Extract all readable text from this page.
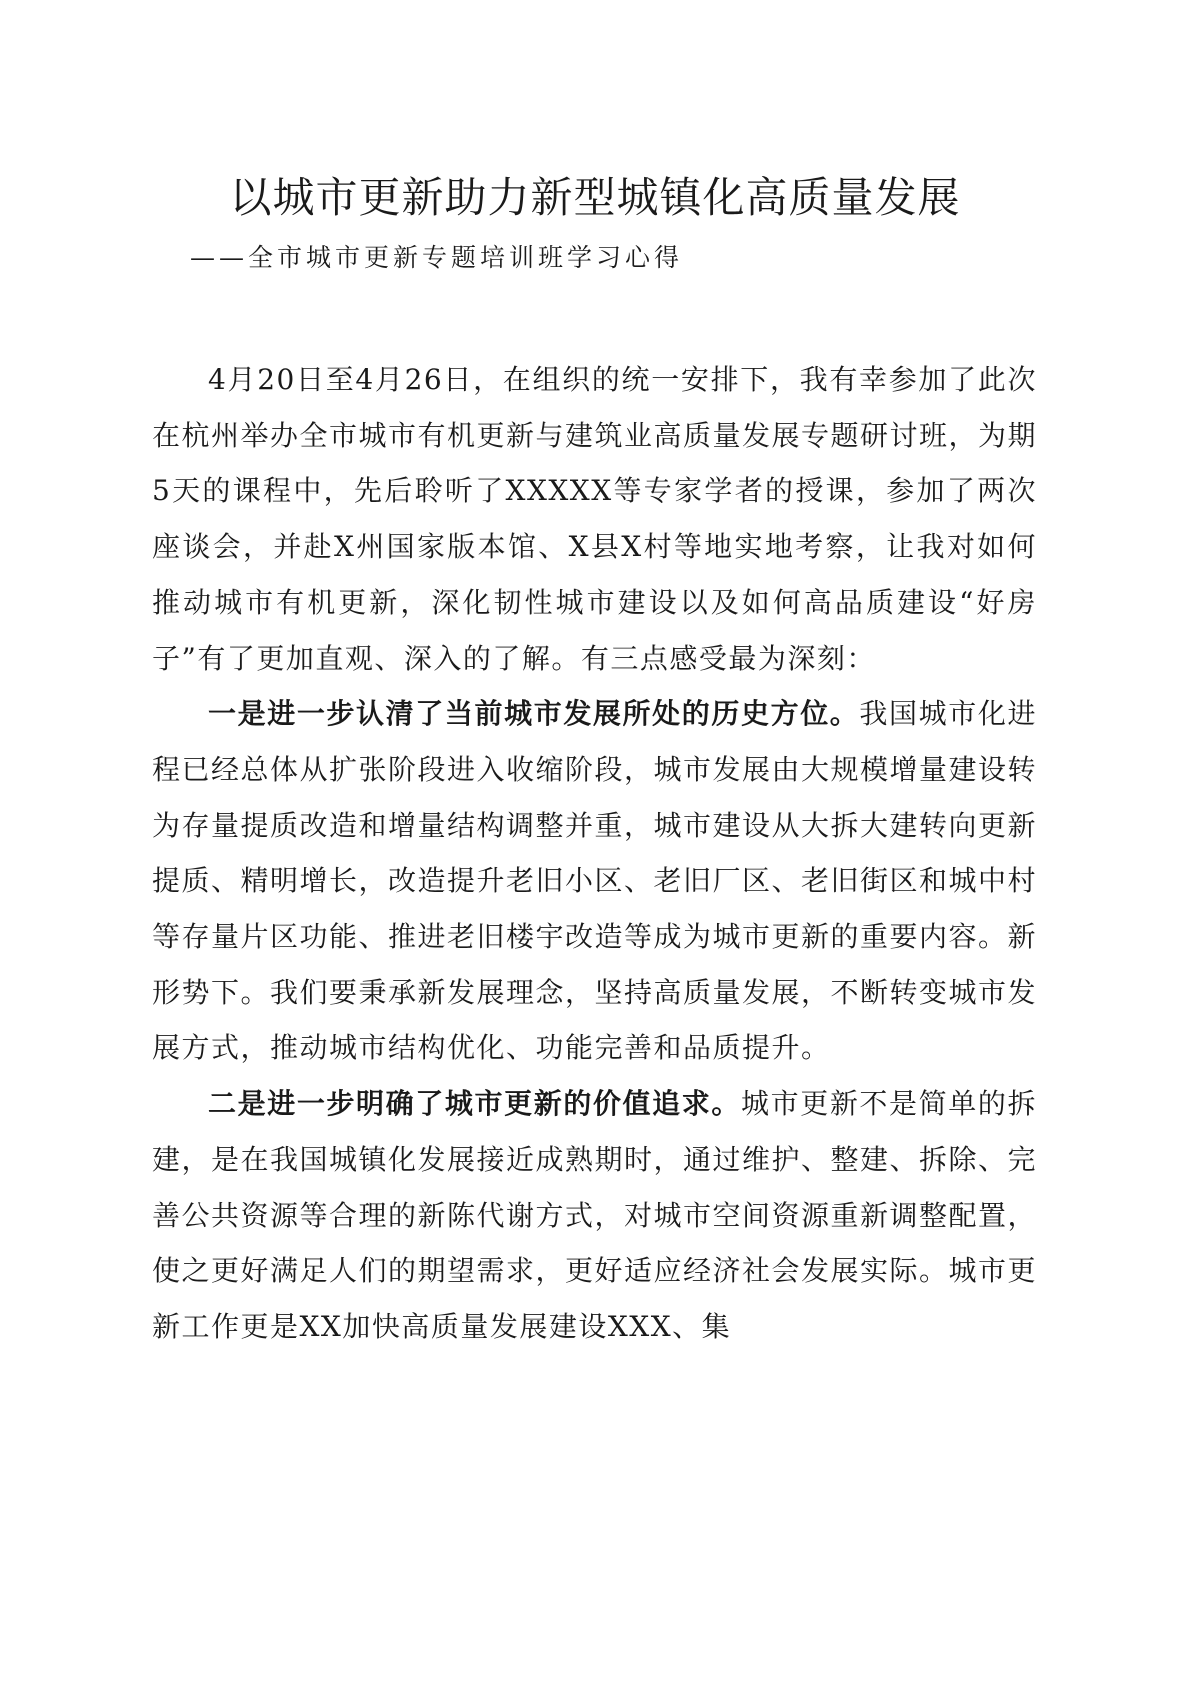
以城市更新助力新型城镇化高质量发展
——全市城市更新专题培训班学习心得

4月20日至4月26日，在组织的统一安排下，我有幸参加了此次在杭州举办全市城市有机更新与建筑业高质量发展专题研讨班，为期5天的课程中，先后聆听了XXXXX等专家学者的授课，参加了两次座谈会，并赴X州国家版本馆、X县X村等地实地考察，让我对如何推动城市有机更新，深化韧性城市建设以及如何高品质建设“好房子”有了更加直观、深入的了解。有三点感受最为深刻：

一是进一步认清了当前城市发展所处的历史方位。我国城市化进程已经总体从扩张阶段进入收缩阶段，城市发展由大规模增量建设转为存量提质改造和增量结构调整并重，城市建设从大拆大建转向更新提质、精明增长，改造提升老旧小区、老旧厂区、老旧街区和城中村等存量片区功能、推进老旧楼宇改造等成为城市更新的重要内容。新形势下。我们要秉承新发展理念，坚持高质量发展，不断转变城市发展方式，推动城市结构优化、功能完善和品质提升。

二是进一步明确了城市更新的价值追求。城市更新不是简单的拆建，是在我国城镇化发展接近成熟期时，通过维护、整建、拆除、完善公共资源等合理的新陈代谢方式，对城市空间资源重新调整配置，使之更好满足人们的期望需求，更好适应经济社会发展实际。城市更新工作更是XX加快高质量发展建设XXX、集
